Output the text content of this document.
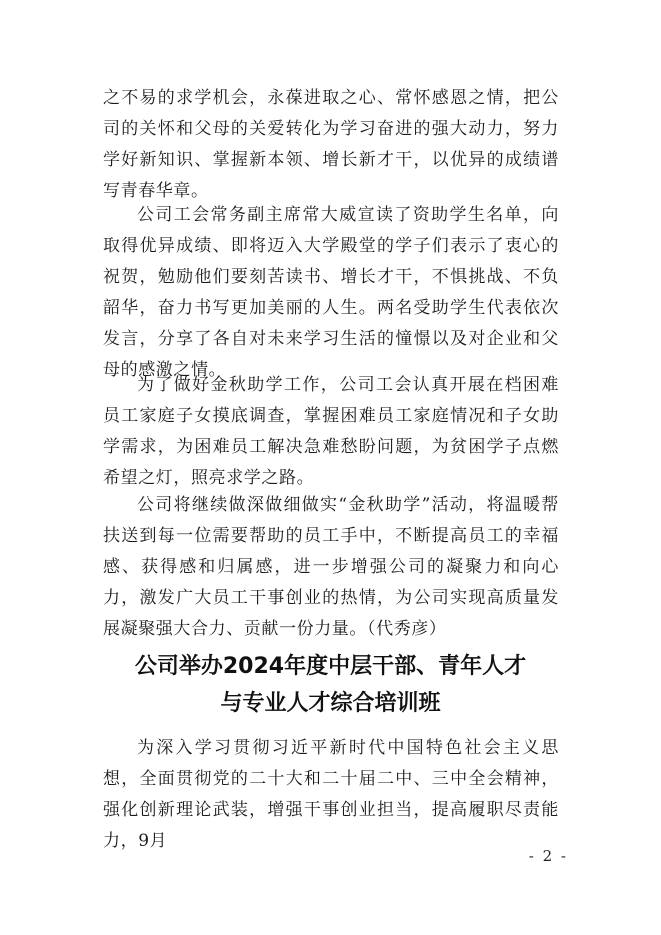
之不易的求学机会，永葆进取之心、常怀感恩之情，把公司的关怀和父母的关爱转化为学习奋进的强大动力，努力学好新知识、掌握新本领、增长新才干，以优异的成绩谱写青春华章。

公司工会常务副主席常大威宣读了资助学生名单，向取得优异成绩、即将迈入大学殿堂的学子们表示了衷心的祝贺，勉励他们要刻苦读书、增长才干，不惧挑战、不负韶华，奋力书写更加美丽的人生。两名受助学生代表依次发言，分享了各自对未来学习生活的憧憬以及对企业和父母的感激之情。

为了做好金秋助学工作，公司工会认真开展在档困难员工家庭子女摸底调查，掌握困难员工家庭情况和子女助学需求，为困难员工解决急难愁盼问题，为贫困学子点燃希望之灯，照亮求学之路。

公司将继续做深做细做实“金秋助学”活动，将温暖帮扶送到每一位需要帮助的员工手中，不断提高员工的幸福感、获得感和归属感，进一步增强公司的凝聚力和向心力，激发广大员工干事创业的热情，为公司实现高质量发展凝聚强大合力、贡献一份力量。（代秀彦）

公司举办2024年度中层干部、青年人才
与专业人才综合培训班

为深入学习贯彻习近平新时代中国特色社会主义思想，全面贯彻党的二十大和二十届二中、三中全会精神，强化创新理论武装，增强干事创业担当，提高履职尽责能力，9月

- 2 -
